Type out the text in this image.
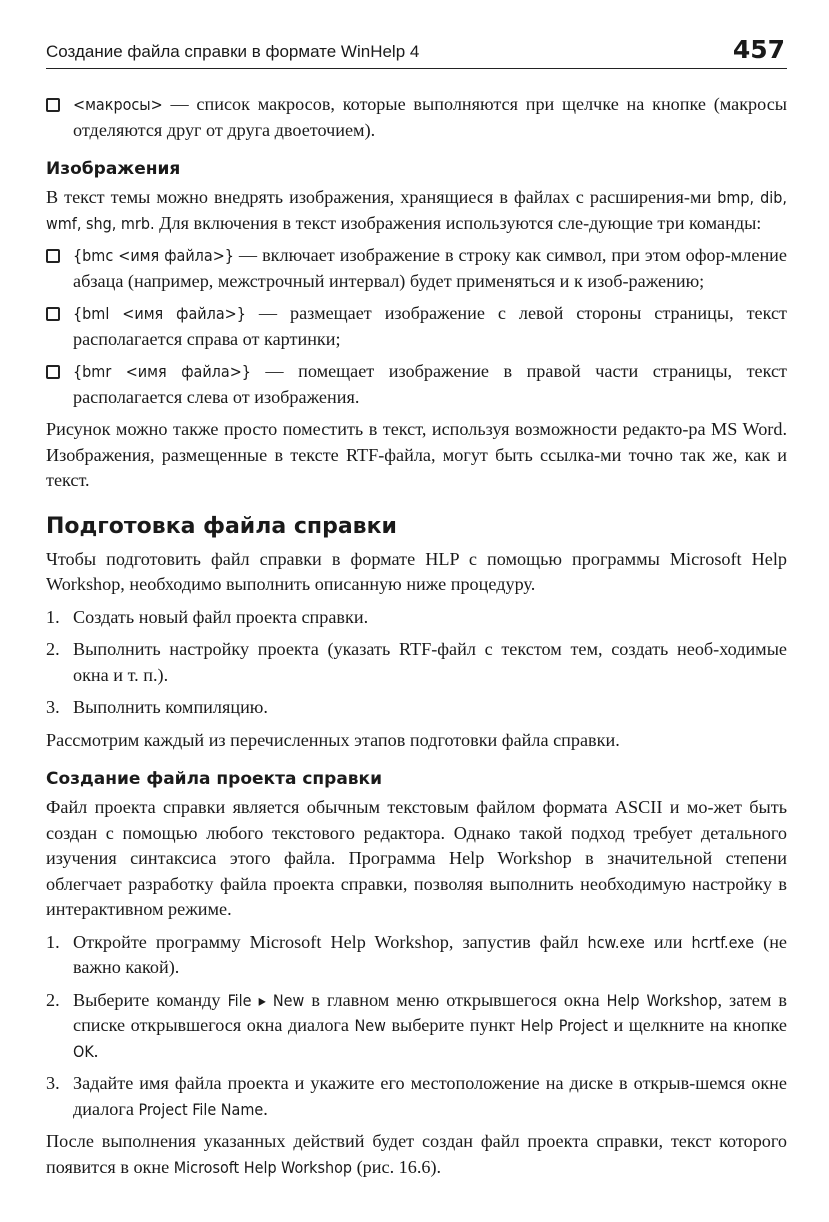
Создание файла справки в формате WinHelp 4	457
<макросы> — список макросов, которые выполняются при щелчке на кнопке (макросы отделяются друг от друга двоеточием).
Изображения

В текст темы можно внедрять изображения, хранящиеся в файлах с расширения-ми bmp, dib, wmf, shg, mrb. Для включения в текст изображения используются сле-дующие три команды:

{bmc <имя файла>} — включает изображение в строку как символ, при этом офор-мление абзаца (например, межстрочный интервал) будет применяться и к изоб-ражению;
{bml <имя файла>} — размещает изображение с левой стороны страницы, текст располагается справа от картинки;
{bmr <имя файла>} — помещает изображение в правой части страницы, текст располагается слева от изображения.

Рисунок можно также просто поместить в текст, используя возможности редакто-ра MS Word. Изображения, размещенные в тексте RTF-файла, могут быть ссылка-ми точно так же, как и текст.

Подготовка файла справки

Чтобы подготовить файл справки в формате HLP с помощью программы Microsoft Help Workshop, необходимо выполнить описанную ниже процедуру.

1. Создать новый файл проекта справки.
2. Выполнить настройку проекта (указать RTF-файл с текстом тем, создать необ-ходимые окна и т. п.).
3. Выполнить компиляцию.

Рассмотрим каждый из перечисленных этапов подготовки файла справки.

Создание файла проекта справки

Файл проекта справки является обычным текстовым файлом формата ASCII и мо-жет быть создан с помощью любого текстового редактора. Однако такой подход требует детального изучения синтаксиса этого файла. Программа Help Workshop в значительной степени облегчает разработку файла проекта справки, позволяя выполнить необходимую настройку в интерактивном режиме.

1. Откройте программу Microsoft Help Workshop, запустив файл hcw.exe или hcrtf.exe (не важно какой).
2. Выберите команду File ▸ New в главном меню открывшегося окна Help Workshop, затем в списке открывшегося окна диалога New выберите пункт Help Project и щелкните на кнопке OK.
3. Задайте имя файла проекта и укажите его местоположение на диске в открыв-шемся окне диалога Project File Name.

После выполнения указанных действий будет создан файл проекта справки, текст которого появится в окне Microsoft Help Workshop (рис. 16.6).
